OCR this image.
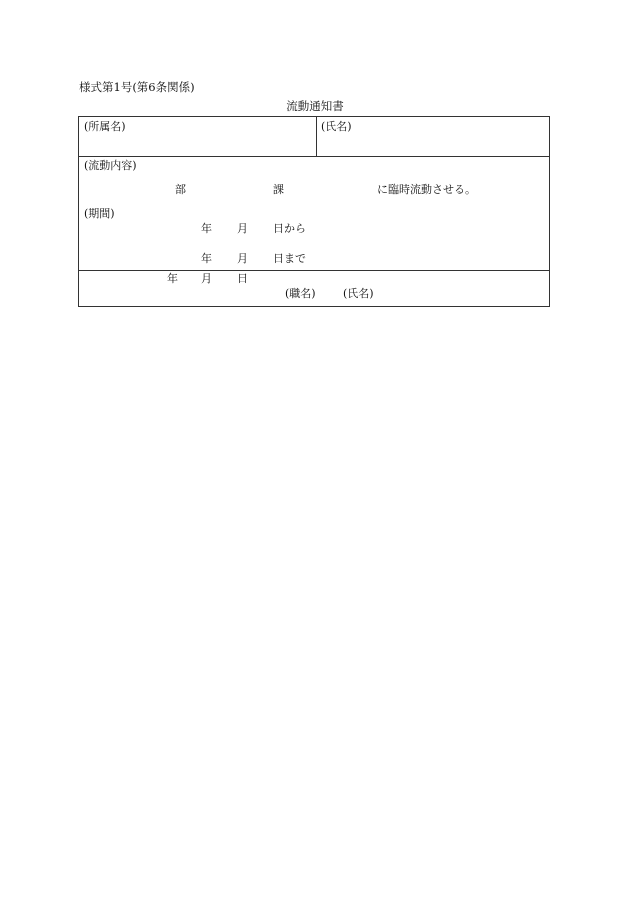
様式第1号(第6条関係)
流動通知書
(所属名)	(氏名)
(流動内容)
部	課	に臨時流動させる。
(期間)
年 月 日から
年 月 日まで
年 月 日
(職名) (氏名)
